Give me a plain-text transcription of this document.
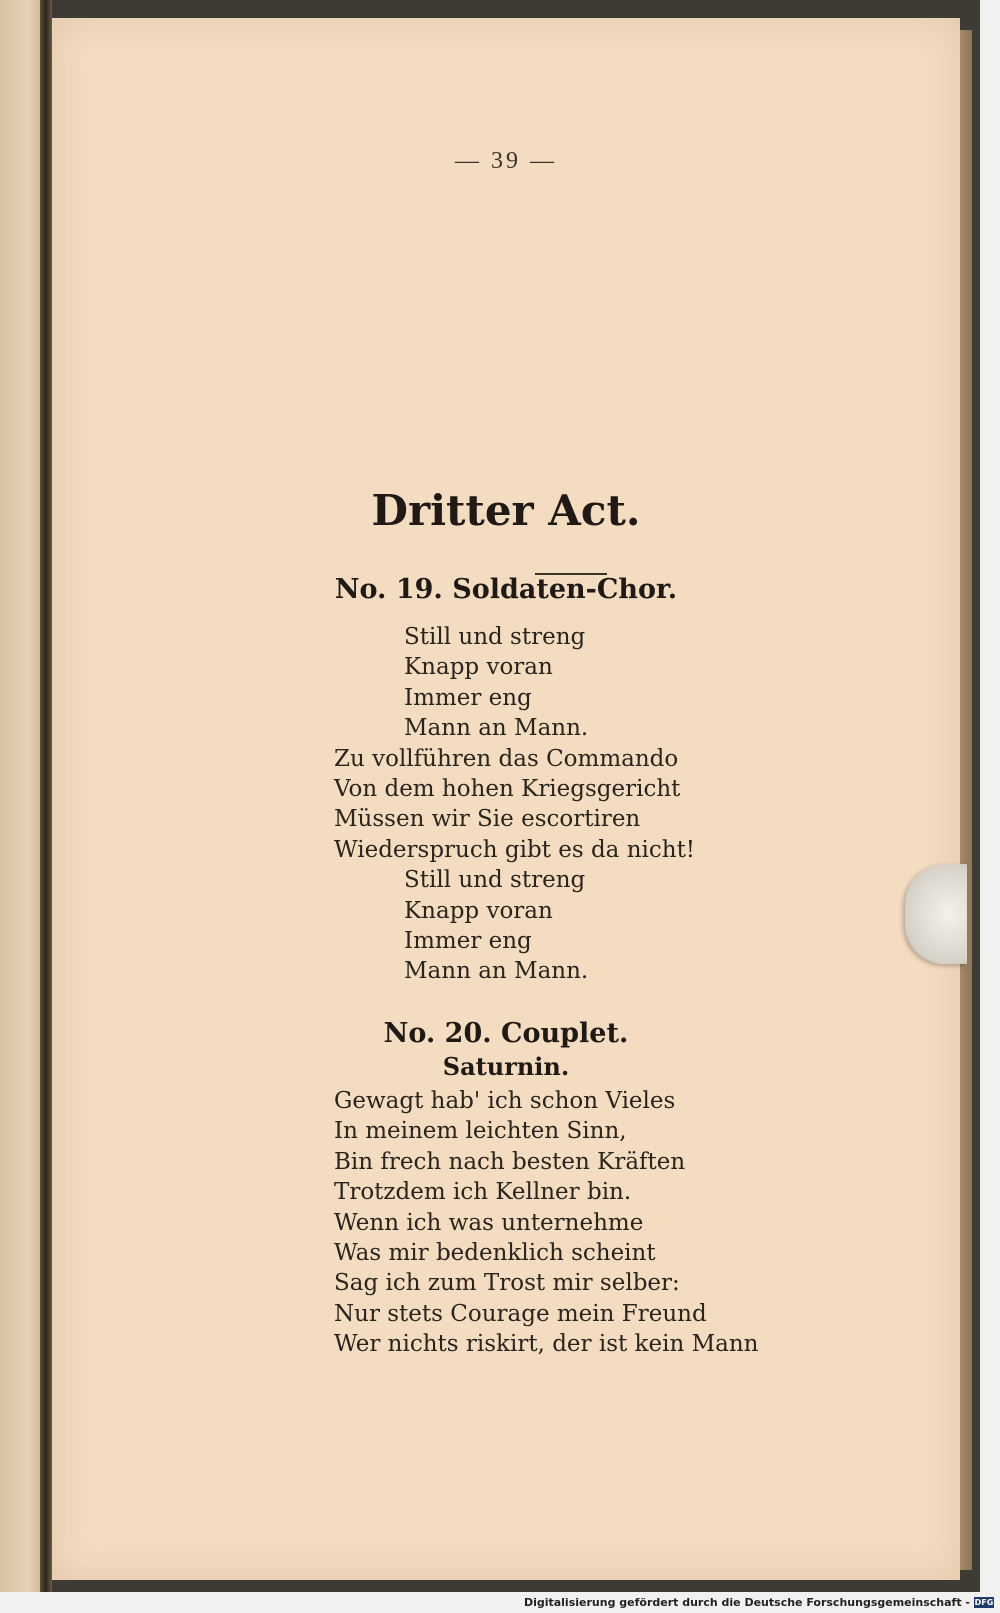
— 39 —
Dritter Act.
No. 19. Soldaten-Chor.
Still und streng
Knapp voran
Immer eng
Mann an Mann.
Zu vollführen das Commando
Von dem hohen Kriegsgericht
Müssen wir Sie escortiren
Wiederspruch gibt es da nicht!
Still und streng
Knapp voran
Immer eng
Mann an Mann.
No. 20. Couplet.
Saturnin.
Gewagt hab' ich schon Vieles
In meinem leichten Sinn,
Bin frech nach besten Kräften
Trotzdem ich Kellner bin.
Wenn ich was unternehme
Was mir bedenklich scheint
Sag ich zum Trost mir selber:
Nur stets Courage mein Freund
Wer nichts riskirt, der ist kein Mann
Digitalisierung gefördert durch die Deutsche Forschungsgemeinschaft - DFG
